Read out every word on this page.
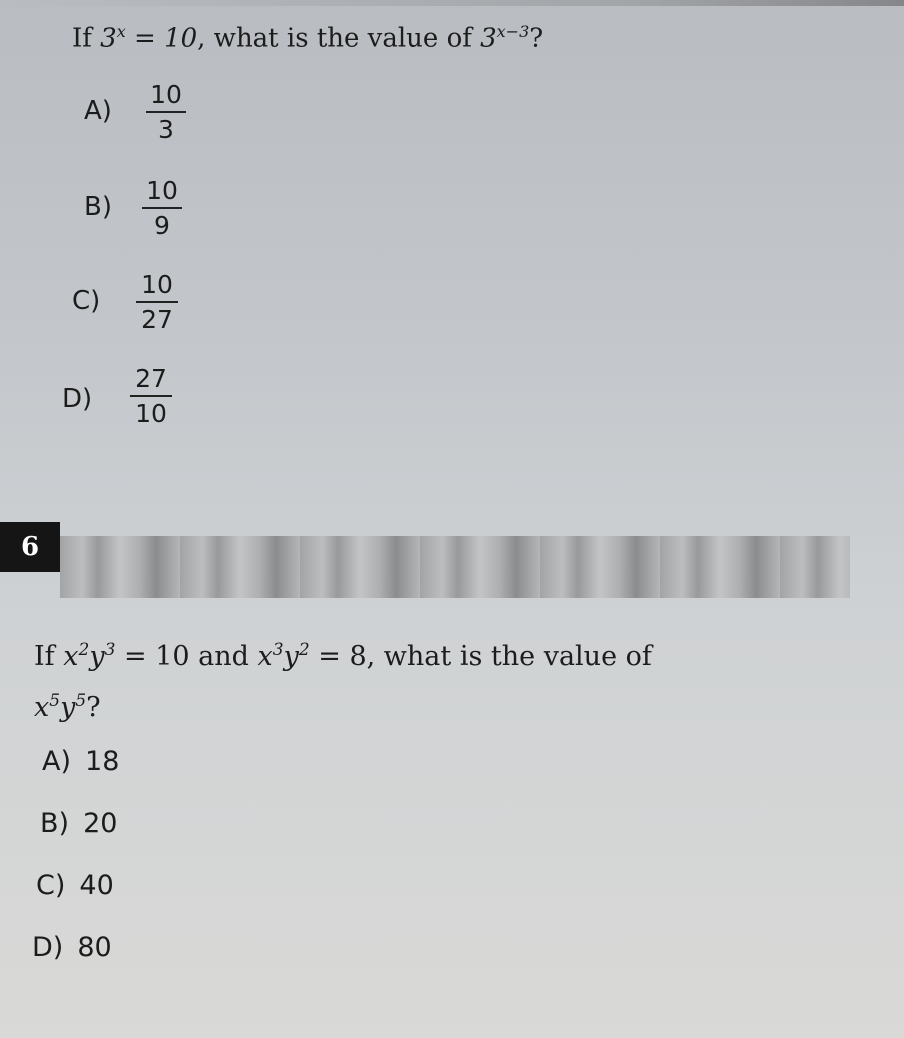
If $3^x = 10$, what is the value of $3^{x-3}$?
A)
10
3
B)
10
9
C)
10
27
D)
27
10
6
If $x^2y^3 = 10$ and $x^3y^2 = 8$, what is the value of
$x^5y^5$?
A) 18
B) 20
C) 40
D) 80
